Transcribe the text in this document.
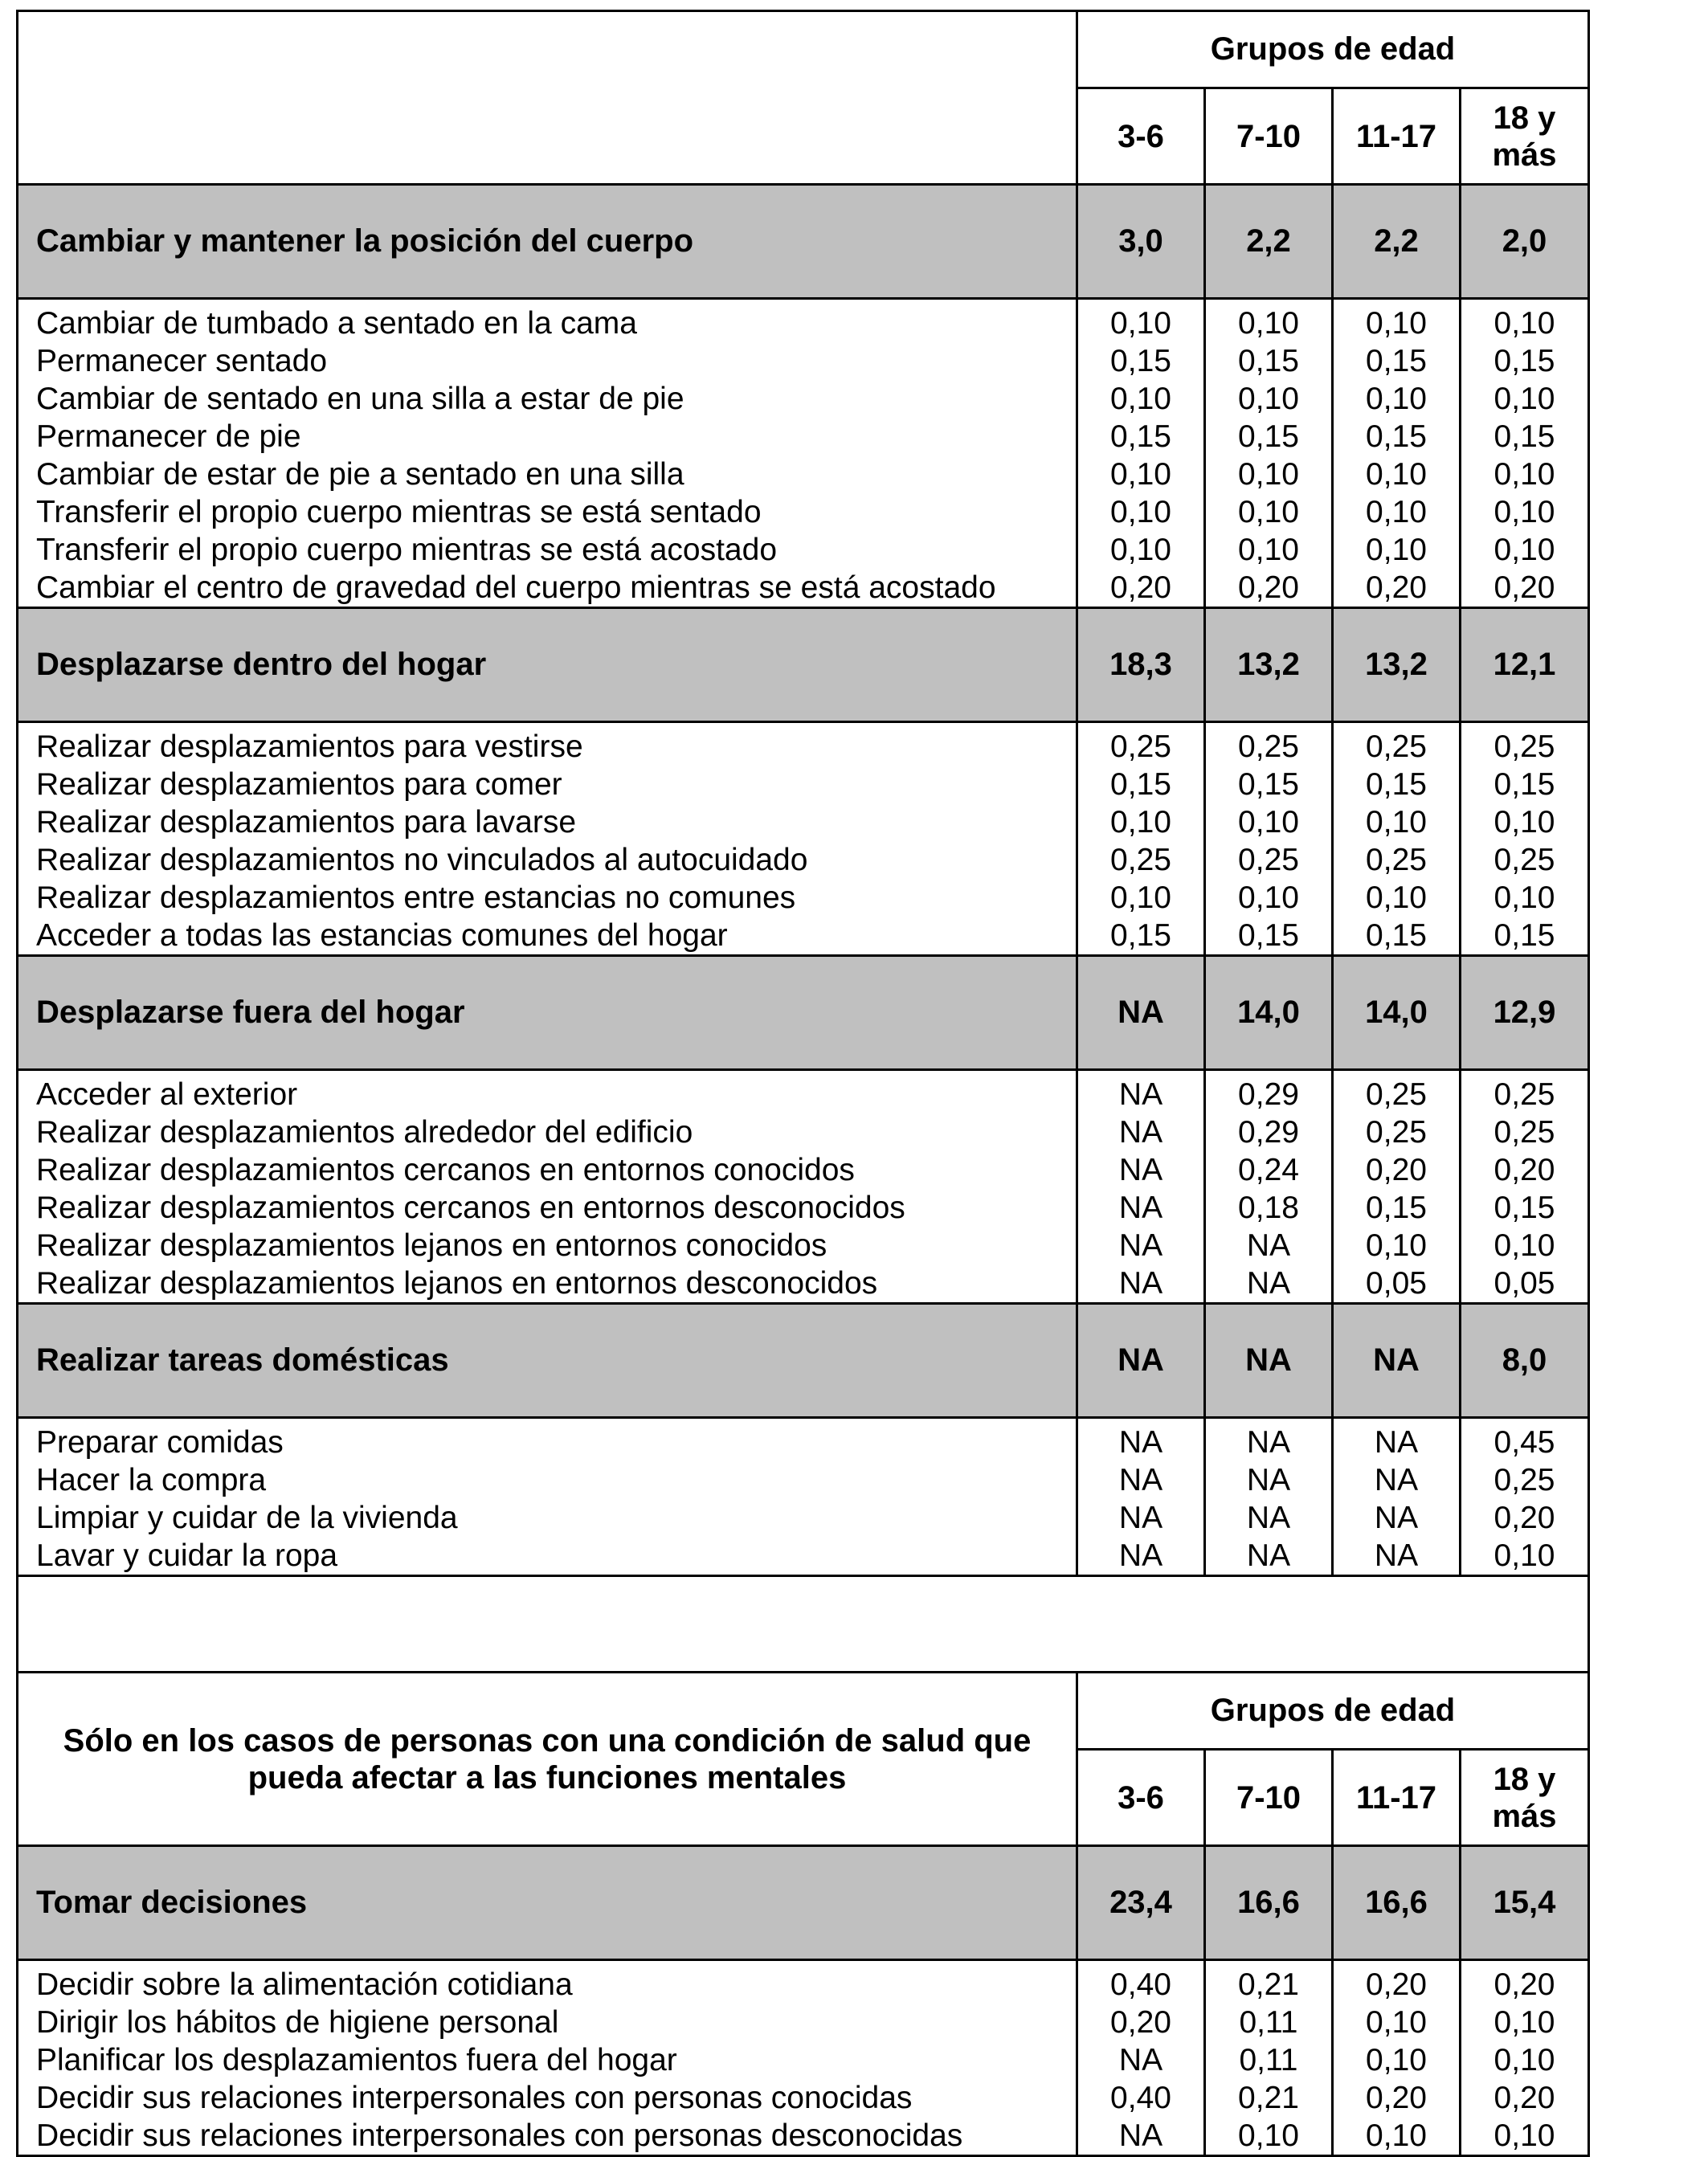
	Grupos de edad			
	3-6	7-10	11-17	18 y más
Cambiar y mantener la posición del cuerpo	3,0	2,2	2,2	2,0
Cambiar de tumbado a sentado en la cama	0,10	0,10	0,10	0,10
Permanecer sentado	0,15	0,15	0,15	0,15
Cambiar de sentado en una silla a estar de pie	0,10	0,10	0,10	0,10
Permanecer de pie	0,15	0,15	0,15	0,15
Cambiar de estar de pie a sentado en una silla	0,10	0,10	0,10	0,10
Transferir el propio cuerpo mientras se está sentado	0,10	0,10	0,10	0,10
Transferir el propio cuerpo mientras se está acostado	0,10	0,10	0,10	0,10
Cambiar el centro de gravedad del cuerpo mientras se está acostado	0,20	0,20	0,20	0,20
Desplazarse dentro del hogar	18,3	13,2	13,2	12,1
Realizar desplazamientos para vestirse	0,25	0,25	0,25	0,25
Realizar desplazamientos para comer	0,15	0,15	0,15	0,15
Realizar desplazamientos para lavarse	0,10	0,10	0,10	0,10
Realizar desplazamientos no vinculados al autocuidado	0,25	0,25	0,25	0,25
Realizar desplazamientos entre estancias no comunes	0,10	0,10	0,10	0,10
Acceder a todas las estancias comunes del hogar	0,15	0,15	0,15	0,15
Desplazarse fuera del hogar	NA	14,0	14,0	12,9
Acceder al exterior	NA	0,29	0,25	0,25
Realizar desplazamientos alrededor del edificio	NA	0,29	0,25	0,25
Realizar desplazamientos cercanos en entornos conocidos	NA	0,24	0,20	0,20
Realizar desplazamientos cercanos en entornos desconocidos	NA	0,18	0,15	0,15
Realizar desplazamientos lejanos en entornos conocidos	NA	NA	0,10	0,10
Realizar desplazamientos lejanos en entornos desconocidos	NA	NA	0,05	0,05
Realizar tareas domésticas	NA	NA	NA	8,0
Preparar comidas	NA	NA	NA	0,45
Hacer la compra	NA	NA	NA	0,25
Limpiar y cuidar de la vivienda	NA	NA	NA	0,20
Lavar y cuidar la ropa	NA	NA	NA	0,10

Sólo en los casos de personas con una condición de salud que pueda afectar a las funciones mentales	Grupos de edad			
	3-6	7-10	11-17	18 y más
Tomar decisiones	23,4	16,6	16,6	15,4
Decidir sobre la alimentación cotidiana	0,40	0,21	0,20	0,20
Dirigir los hábitos de higiene personal	0,20	0,11	0,10	0,10
Planificar los desplazamientos fuera del hogar	NA	0,11	0,10	0,10
Decidir sus relaciones interpersonales con personas conocidas	0,40	0,21	0,20	0,20
Decidir sus relaciones interpersonales con personas desconocidas	NA	0,10	0,10	0,10
